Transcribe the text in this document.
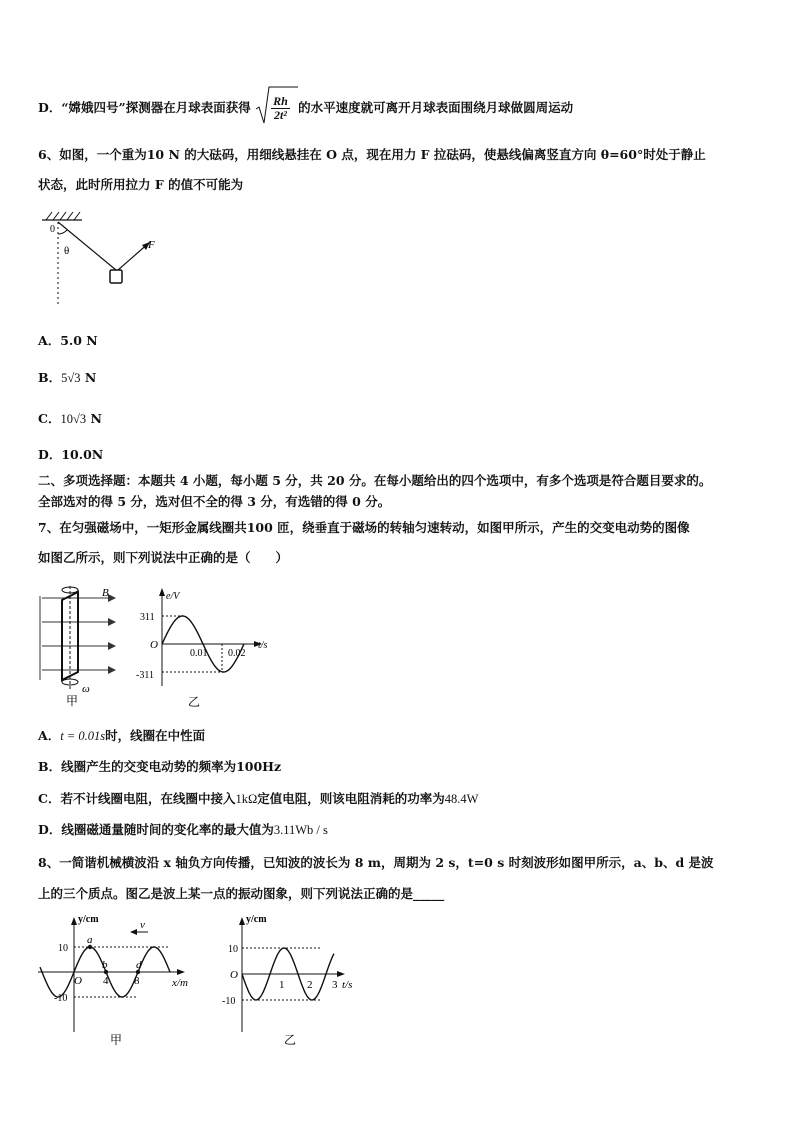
D．“嫦娥四号”探测器在月球表面获得 $\frac{Rh}{\text{2t²}}$ 的水平速度就可离开月球表面围绕月球做圆周运动
6、如图，一个重为10 N 的大砝码，用细线悬挂在 O 点，现在用力 F 拉砝码，使悬线偏离竖直方向 θ=60°时处于静止
状态，此时所用拉力 F 的值不可能为
0
θ	F
A．5.0 N
B．5√3 N
C．10√3 N
D．10.0N
二、多项选择题：本题共 4 小题，每小题 5 分，共 20 分。在每小题给出的四个选项中，有多个选项是符合题目要求的。
全部选对的得 5 分，选对但不全的得 3 分，有选错的得 0 分。
7、在匀强磁场中，一矩形金属线圈共100 匝，绕垂直于磁场的转轴匀速转动，如图甲所示，产生的交变电动势的图像
如图乙所示，则下列说法中正确的是（　　）
B
ω
甲
e/V
t/s
311
-311
O
0.01 0.02
乙
A．t = 0.01s时，线圈在中性面
B．线圈产生的交变电动势的频率为100Hz
C．若不计线圈电阻，在线圈中接入1kΩ定值电阻，则该电阻消耗的功率为48.4W
D．线圈磁通量随时间的变化率的最大值为3.11Wb / s
8、一简谐机械横波沿 x 轴负方向传播，已知波的波长为 8 m，周期为 2 s，t=0 s 时刻波形如图甲所示，a、b、d 是波
上的三个质点。图乙是波上某一点的振动图象，则下列说法正确的是_____
v
y/cm
x/m
10
-10
O 4 8
a
b	d
甲
y/cm
t/s
10
-10
O
1 2 3
乙
